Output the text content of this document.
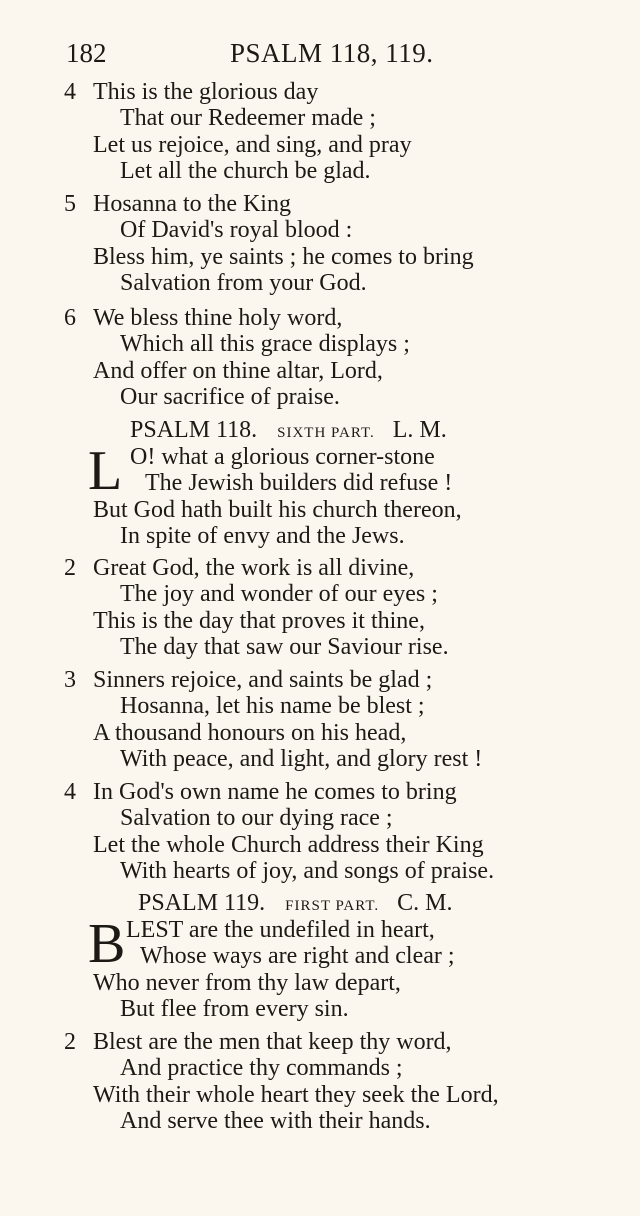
182	PSALM 118, 119.
4 This is the glorious day
That our Redeemer made ;
Let us rejoice, and sing, and pray
Let all the church be glad.
5 Hosanna to the King
Of David's royal blood :
Bless him, ye saints ; he comes to bring
Salvation from your God.
6 We bless thine holy word,
Which all this grace displays ;
And offer on thine altar, Lord,
Our sacrifice of praise.
PSALM 118. SIXTH PART. L. M.
L O! what a glorious corner-stone
The Jewish builders did refuse !
But God hath built his church thereon,
In spite of envy and the Jews.
2 Great God, the work is all divine,
The joy and wonder of our eyes ;
This is the day that proves it thine,
The day that saw our Saviour rise.
3 Sinners rejoice, and saints be glad ;
Hosanna, let his name be blest ;
A thousand honours on his head,
With peace, and light, and glory rest !
4 In God's own name he comes to bring
Salvation to our dying race ;
Let the whole Church address their King
With hearts of joy, and songs of praise.
PSALM 119. FIRST PART. C. M.
B LEST are the undefiled in heart,
Whose ways are right and clear ;
Who never from thy law depart,
But flee from every sin.
2 Blest are the men that keep thy word,
And practice thy commands ;
With their whole heart they seek the Lord,
And serve thee with their hands.
